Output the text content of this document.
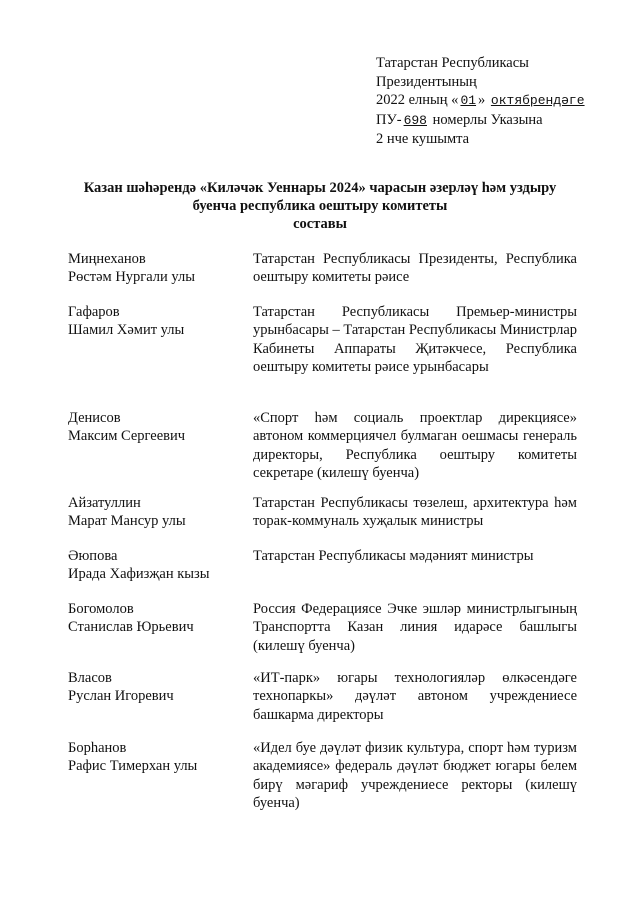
Татарстан Республикасы
Президентының
2022 елның « 01 » октябрендәге
ПУ- 698 номерлы Указына
2 нче кушымта
Казан шәһәрендә «Киләчәк Уеннары 2024» чарасын әзерләү һәм уздыру
буенча республика оештыру комитеты
составы
Миңнеханов
Рөстәм Нургали улы
Татарстан Республикасы Президенты, Республика оештыру комитеты рәисе
Гафаров
Шамил Хәмит улы
Татарстан Республикасы Премьер-министры урынбасары – Татарстан Республикасы Министрлар Кабинеты Аппараты Җитәкчесе, Республика оештыру комитеты рәисе урынбасары
Денисов
Максим Сергеевич
«Спорт һәм социаль проектлар дирекциясе» автоном коммерциячел булмаган оешмасы генераль директоры, Республика оештыру комитеты секретаре (килешү буенча)
Айзатуллин
Марат Мансур улы
Татарстан Республикасы төзелеш, архитектура һәм торак-коммуналь хуҗалык министры
Әюпова
Ирада Хафизҗан кызы
Татарстан Республикасы мәдәният министры
Богомолов
Станислав Юрьевич
Россия Федерациясе Эчке эшләр министрлыгының Транспортта Казан линия идарәсе башлыгы (килешү буенча)
Власов
Руслан Игоревич
«ИТ-парк» югары технологияләр өлкәсендәге технопаркы» дәүләт автоном учреждениесе башкарма директоры
Борһанов
Рафис Тимерхан улы
«Идел буе дәүләт физик культура, спорт һәм туризм академиясе» федераль дәүләт бюджет югары белем бирү мәгариф учреждениесе ректоры (килешү буенча)
